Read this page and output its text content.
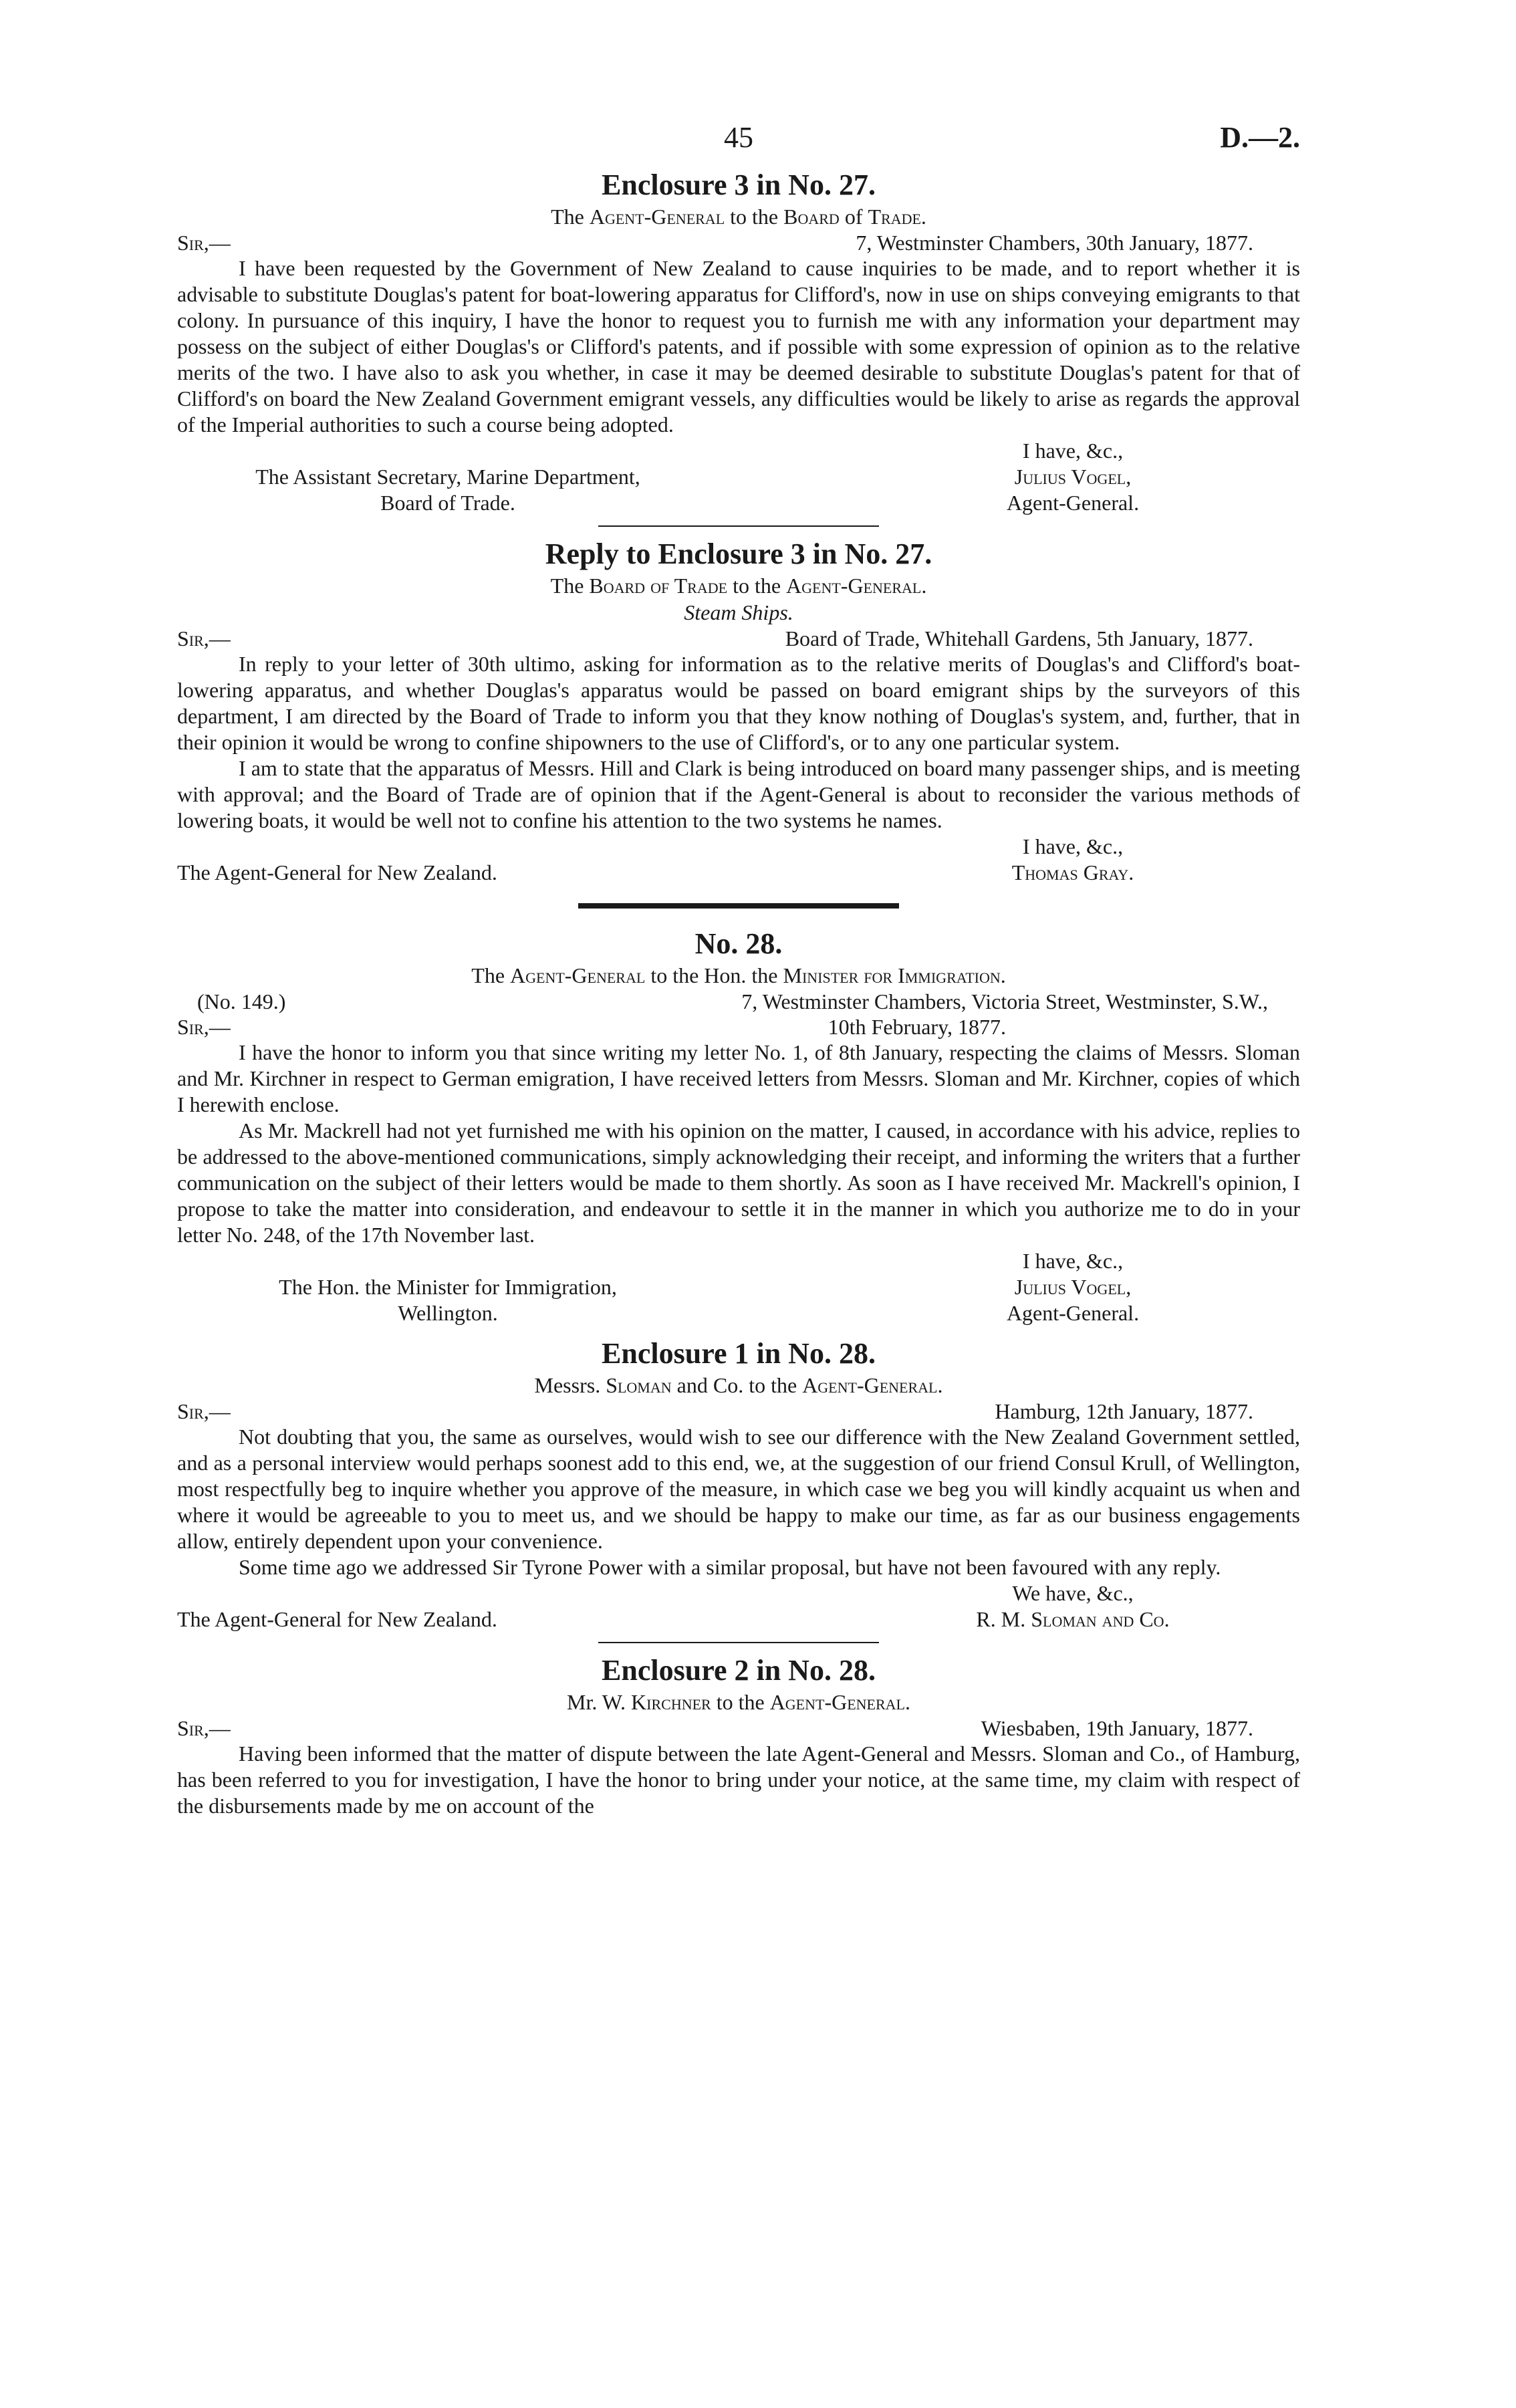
45	D.—2.
Enclosure 3 in No. 27.
The Agent-General to the Board of Trade.
Sir,—	7, Westminster Chambers, 30th January, 1877.

I have been requested by the Government of New Zealand to cause inquiries to be made, and to report whether it is advisable to substitute Douglas's patent for boat-lowering apparatus for Clifford's, now in use on ships conveying emigrants to that colony. In pursuance of this inquiry, I have the honor to request you to furnish me with any information your department may possess on the subject of either Douglas's or Clifford's patents, and if possible with some expression of opinion as to the relative merits of the two. I have also to ask you whether, in case it may be deemed desirable to substitute Douglas's patent for that of Clifford's on board the New Zealand Government emigrant vessels, any difficulties would be likely to arise as regards the approval of the Imperial authorities to such a course being adopted.

I have, &c.,
The Assistant Secretary, Marine Department,	Julius Vogel,
Board of Trade.	Agent-General.
Reply to Enclosure 3 in No. 27.
The Board of Trade to the Agent-General.
Steam Ships.
Sir,—	Board of Trade, Whitehall Gardens, 5th January, 1877.

In reply to your letter of 30th ultimo, asking for information as to the relative merits of Douglas's and Clifford's boat-lowering apparatus, and whether Douglas's apparatus would be passed on board emigrant ships by the surveyors of this department, I am directed by the Board of Trade to inform you that they know nothing of Douglas's system, and, further, that in their opinion it would be wrong to confine shipowners to the use of Clifford's, or to any one particular system.

I am to state that the apparatus of Messrs. Hill and Clark is being introduced on board many passenger ships, and is meeting with approval; and the Board of Trade are of opinion that if the Agent-General is about to reconsider the various methods of lowering boats, it would be well not to confine his attention to the two systems he names.

I have, &c.,
The Agent-General for New Zealand.	Thomas Gray.
No. 28.
The Agent-General to the Hon. the Minister for Immigration.
(No. 149.)	7, Westminster Chambers, Victoria Street, Westminster, S.W.,
Sir,—	10th February, 1877.

I have the honor to inform you that since writing my letter No. 1, of 8th January, respecting the claims of Messrs. Sloman and Mr. Kirchner in respect to German emigration, I have received letters from Messrs. Sloman and Mr. Kirchner, copies of which I herewith enclose.

As Mr. Mackrell had not yet furnished me with his opinion on the matter, I caused, in accordance with his advice, replies to be addressed to the above-mentioned communications, simply acknowledging their receipt, and informing the writers that a further communication on the subject of their letters would be made to them shortly. As soon as I have received Mr. Mackrell's opinion, I propose to take the matter into consideration, and endeavour to settle it in the manner in which you authorize me to do in your letter No. 248, of the 17th November last.

I have, &c.,
The Hon. the Minister for Immigration,	Julius Vogel,
Wellington.	Agent-General.
Enclosure 1 in No. 28.
Messrs. Sloman and Co. to the Agent-General.
Sir,—	Hamburg, 12th January, 1877.

Not doubting that you, the same as ourselves, would wish to see our difference with the New Zealand Government settled, and as a personal interview would perhaps soonest add to this end, we, at the suggestion of our friend Consul Krull, of Wellington, most respectfully beg to inquire whether you approve of the measure, in which case we beg you will kindly acquaint us when and where it would be agreeable to you to meet us, and we should be happy to make our time, as far as our business engagements allow, entirely dependent upon your convenience.

Some time ago we addressed Sir Tyrone Power with a similar proposal, but have not been favoured with any reply.

We have, &c.,
The Agent-General for New Zealand.	R. M. Sloman and Co.
Enclosure 2 in No. 28.
Mr. W. Kirchner to the Agent-General.
Sir,—	Wiesbaben, 19th January, 1877.

Having been informed that the matter of dispute between the late Agent-General and Messrs. Sloman and Co., of Hamburg, has been referred to you for investigation, I have the honor to bring under your notice, at the same time, my claim with respect of the disbursements made by me on account of the
